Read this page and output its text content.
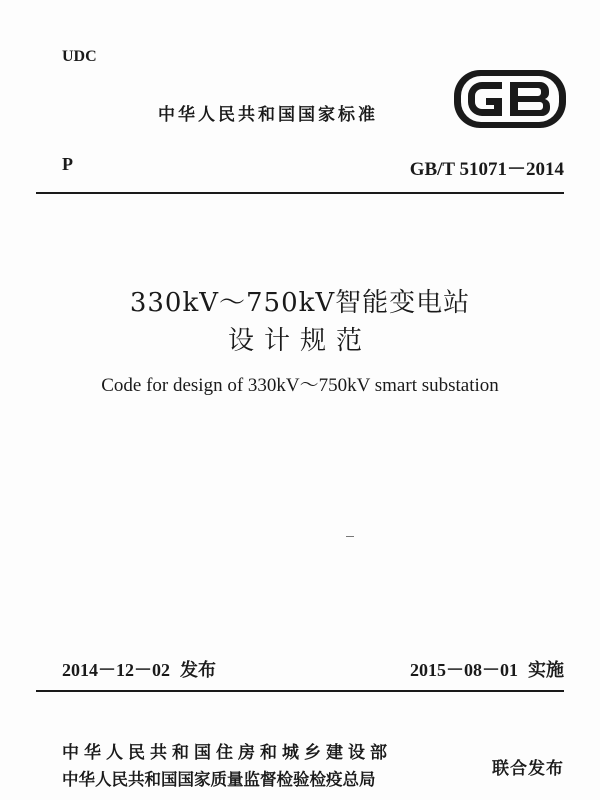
UDC
中华人民共和国国家标准
P	GB/T 51071－2014
330kV～750kV智能变电站
设计规范
Code for design of 330kV～750kV smart substation
2014－12－02 发布	2015－08－01 实施
中华人民共和国住房和城乡建设部
中华人民共和国国家质量监督检验检疫总局
联合发布
